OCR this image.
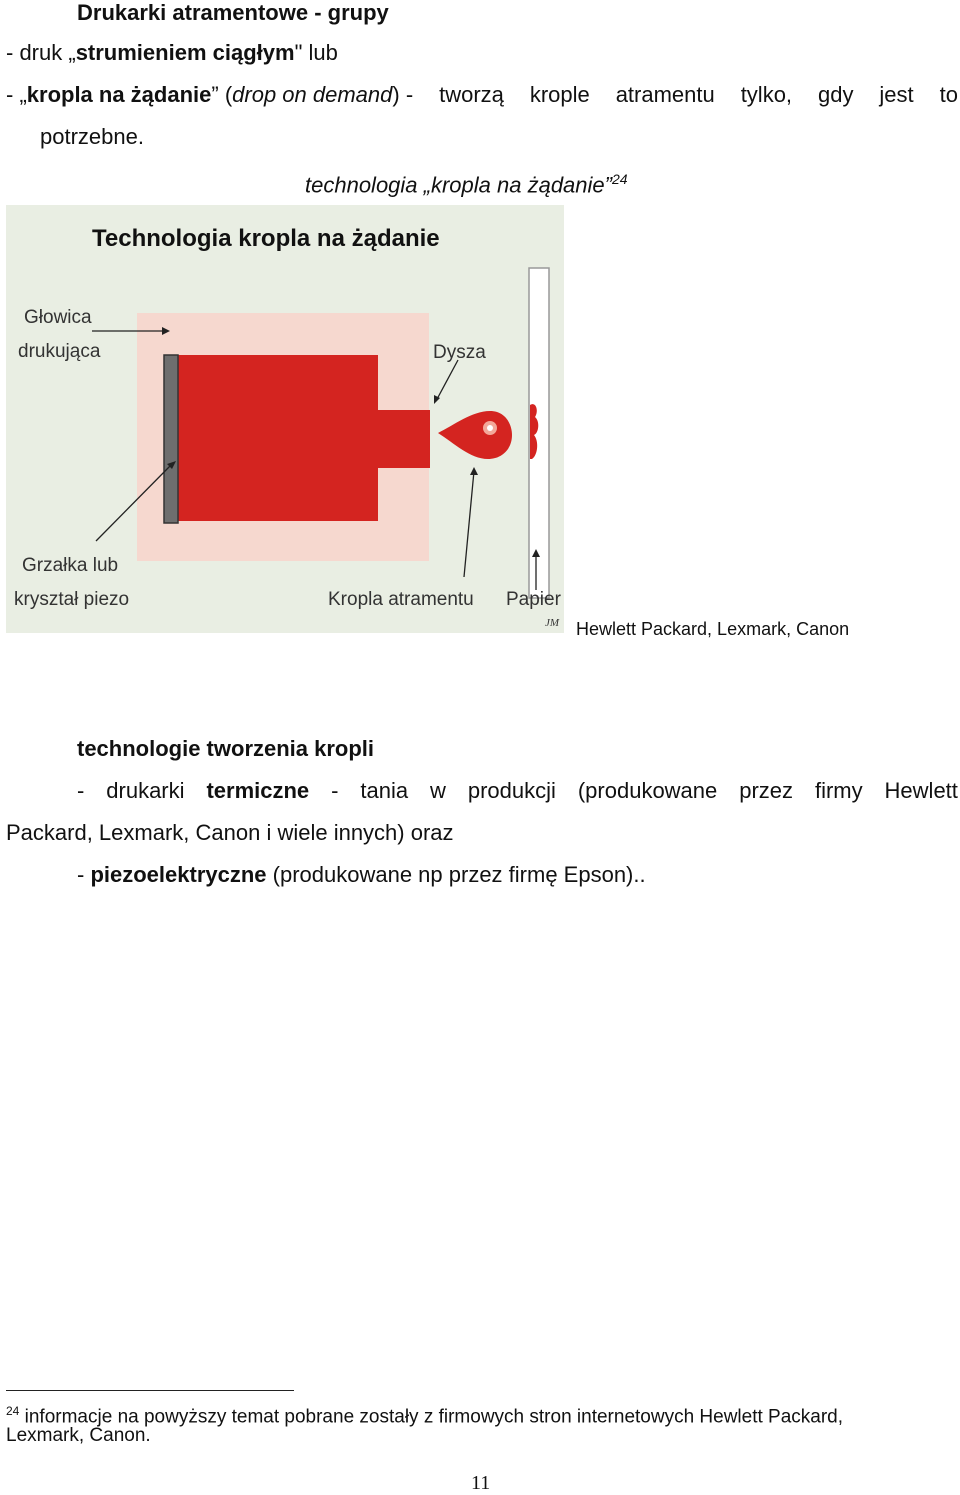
Drukarki atramentowe - grupy
- druk „strumieniem ciągłym" lub
- „kropla na żądanie” (drop on demand) - tworzą krople atramentu tylko, gdy jest to
potrzebne.
technologia „kropla na żądanie”$^{24}$
Technologia kropla na żądanie
Głowica
drukująca	Dysza
Grzałka lub
kryształ piezo	Kropla atramentu Papier
JM Hewlett Packard, Lexmark, Canon
technologie tworzenia kropli
- drukarki termiczne - tania w produkcji (produkowane przez firmy Hewlett
Packard, Lexmark, Canon i wiele innych) oraz
- piezoelektryczne (produkowane np przez firmę Epson)..
$^{24}$ informacje na powyższy temat pobrane zostały z firmowych stron internetowych Hewlett Packard,
Lexmark, Canon.
11
